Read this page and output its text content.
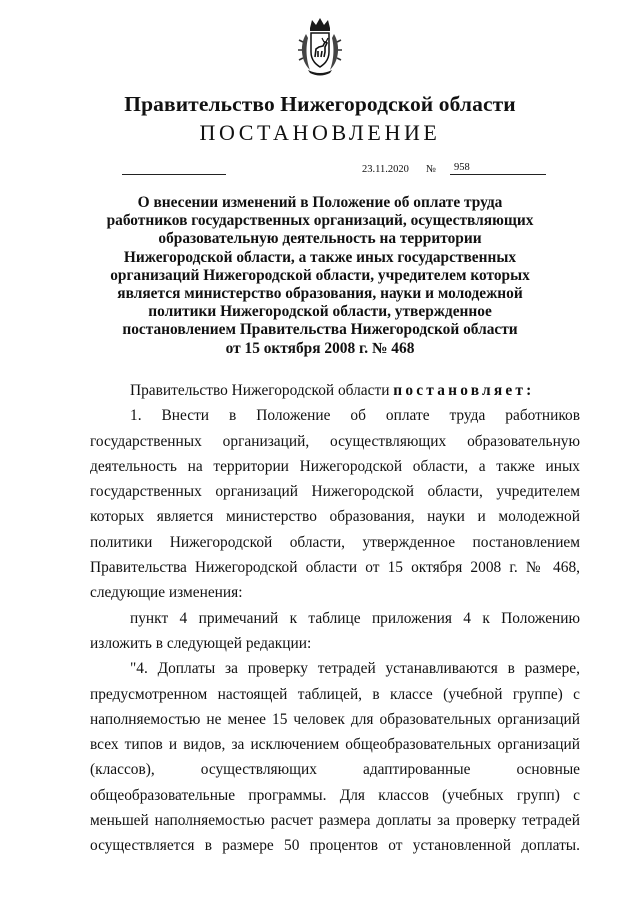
Правительство Нижегородской области
ПОСТАНОВЛЕНИЕ
23.11.2020 №	958
О внесении изменений в Положение об оплате труда
работников государственных организаций, осуществляющих
образовательную деятельность на территории
Нижегородской области, а также иных государственных
организаций Нижегородской области, учредителем которых
является министерство образования, науки и молодежной
политики Нижегородской области, утвержденное
постановлением Правительства Нижегородской области
от 15 октября 2008 г. № 468

Правительство Нижегородской области постановляет:

1. Внести в Положение об оплате труда работников государственных организаций, осуществляющих образовательную деятельность на территории Нижегородской области, а также иных государственных организаций Нижегородской области, учредителем которых является министерство образования, науки и молодежной политики Нижегородской области, утвержденное постановлением Правительства Нижегородской области от 15 октября 2008 г. № 468, следующие изменения:

пункт 4 примечаний к таблице приложения 4 к Положению изложить в следующей редакции:

"4. Доплаты за проверку тетрадей устанавливаются в размере, предусмотренном настоящей таблицей, в классе (учебной группе) с наполняемостью не менее 15 человек для образовательных организаций всех типов и видов, за исключением общеобразовательных организаций (классов), осуществляющих адаптированные основные общеобразовательные программы. Для классов (учебных групп) с меньшей наполняемостью расчет размера доплаты за проверку тетрадей осуществляется в размере 50 процентов от установленной доплаты.
